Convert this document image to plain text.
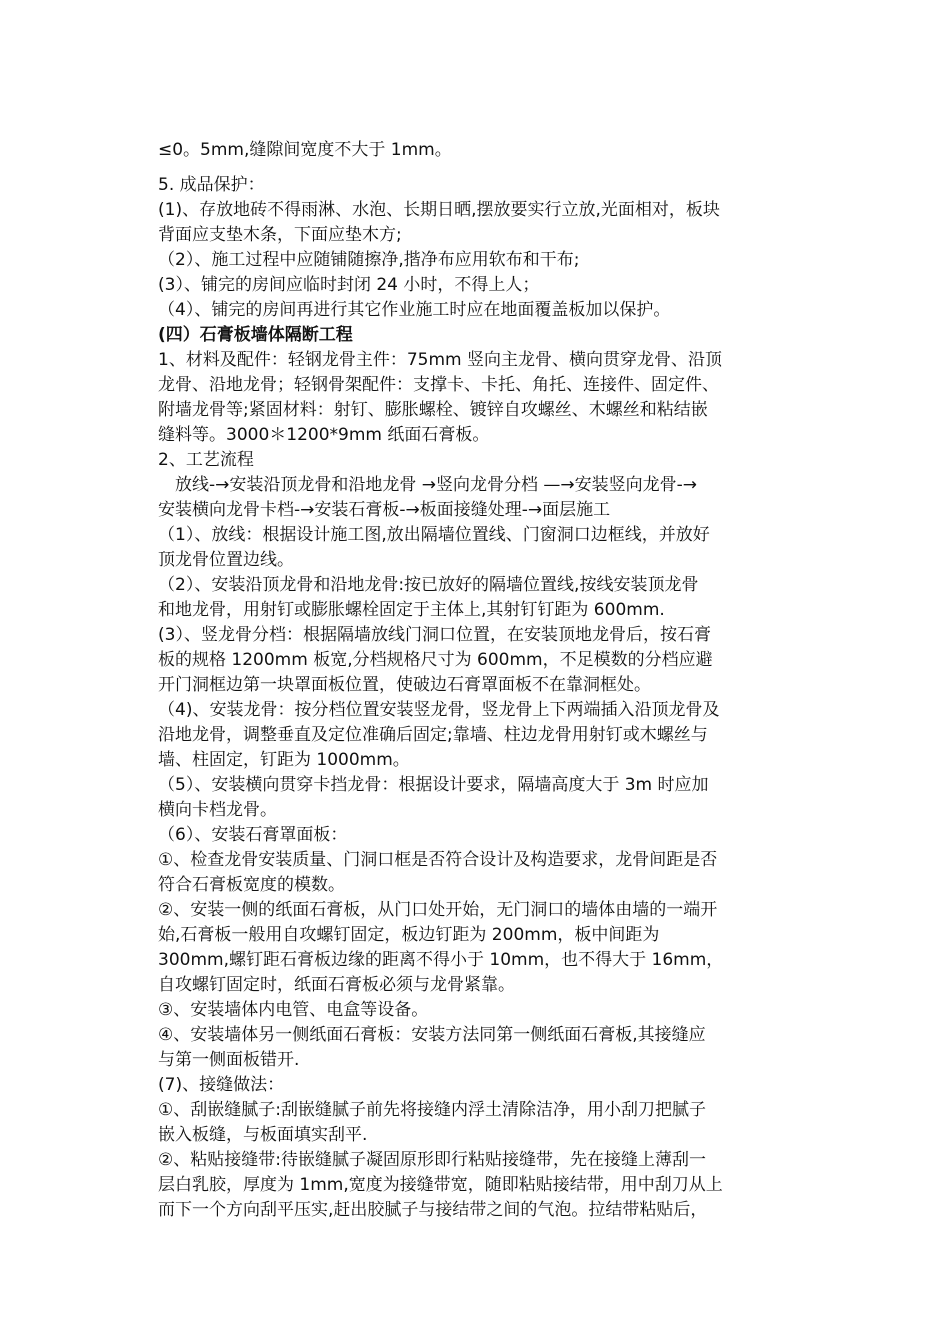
≤0。5mm,缝隙间宽度不大于 1mm。
5. 成品保护：
(1)、存放地砖不得雨淋、水泡、长期日晒,摆放要实行立放,光面相对，板块
背面应支垫木条，下面应垫木方;
（2）、施工过程中应随铺随擦净,揩净布应用软布和干布;
(3）、铺完的房间应临时封闭 24 小时，不得上人；
（4）、铺完的房间再进行其它作业施工时应在地面覆盖板加以保护。
(四）石膏板墙体隔断工程
1、材料及配件：轻钢龙骨主件：75mm 竖向主龙骨、横向贯穿龙骨、沿顶
龙骨、沿地龙骨；轻钢骨架配件：支撑卡、卡托、角托、连接件、固定件、
附墙龙骨等;紧固材料：射钉、膨胀螺栓、镀锌自攻螺丝、木螺丝和粘结嵌
缝料等。3000＊1200*9mm 纸面石膏板。
2、工艺流程
　放线-→安装沿顶龙骨和沿地龙骨 →竖向龙骨分档 —→安装竖向龙骨-→
安装横向龙骨卡档-→安装石膏板-→板面接缝处理-→面层施工
（1）、放线：根据设计施工图,放出隔墙位置线、门窗洞口边框线，并放好
顶龙骨位置边线。
（2）、安装沿顶龙骨和沿地龙骨:按已放好的隔墙位置线,按线安装顶龙骨
和地龙骨，用射钉或膨胀螺栓固定于主体上,其射钉钉距为 600mm.
(3）、竖龙骨分档：根据隔墙放线门洞口位置，在安装顶地龙骨后，按石膏
板的规格 1200mm 板宽,分档规格尺寸为 600mm，不足模数的分档应避
开门洞框边第一块罩面板位置，使破边石膏罩面板不在靠洞框处。
（4)、安装龙骨：按分档位置安装竖龙骨，竖龙骨上下两端插入沿顶龙骨及
沿地龙骨，调整垂直及定位准确后固定;靠墙、柱边龙骨用射钉或木螺丝与
墙、柱固定，钉距为 1000mm。
（5）、安装横向贯穿卡挡龙骨：根据设计要求，隔墙高度大于 3m 时应加
横向卡档龙骨。
（6）、安装石膏罩面板：
①、检查龙骨安装质量、门洞口框是否符合设计及构造要求，龙骨间距是否
符合石膏板宽度的模数。
②、安装一侧的纸面石膏板，从门口处开始，无门洞口的墙体由墙的一端开
始,石膏板一般用自攻螺钉固定，板边钉距为 200mm，板中间距为
300mm,螺钉距石膏板边缘的距离不得小于 10mm，也不得大于 16mm，
自攻螺钉固定时，纸面石膏板必须与龙骨紧靠。
③、安装墙体内电管、电盒等设备。
④、安装墙体另一侧纸面石膏板：安装方法同第一侧纸面石膏板,其接缝应
与第一侧面板错开.
(7)、接缝做法：
①、刮嵌缝腻子:刮嵌缝腻子前先将接缝内浮土清除洁净，用小刮刀把腻子
嵌入板缝，与板面填实刮平.
②、粘贴接缝带:待嵌缝腻子凝固原形即行粘贴接缝带，先在接缝上薄刮一
层白乳胶，厚度为 1mm,宽度为接缝带宽，随即粘贴接结带，用中刮刀从上
而下一个方向刮平压实,赶出胶腻子与接结带之间的气泡。拉结带粘贴后，
